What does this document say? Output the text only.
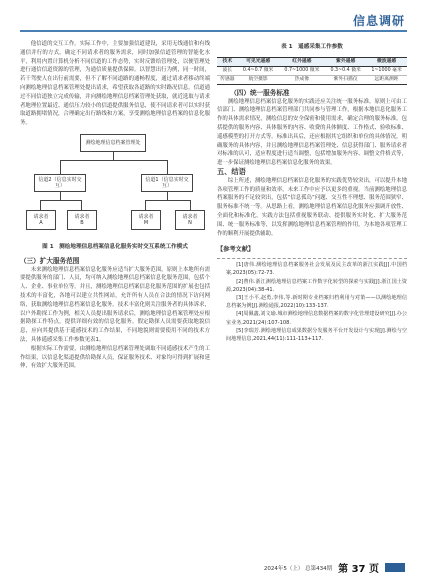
信息调研

他信道的交互工作。实际工作中，主要加强信道建设，采用无线通信和有线通信并行的方式，确定不同请求者的服务需求，同时加强信道管理的智能化水平，利用内置计算机分析不同信道的工作态势，实时反馈给管理处，以便管理处进行通信信道资源的管理，为通信质量提供保障。以智慧出行为例，同一时间，若干驾驶人在出行前需要，但不了解不同道路的通畅程度，通过请求者移动终端向测绘地理信息档案管理处提出请求，希望获取各道路的实时路况信息。信道通过不同信道独立完成传输，并向测绘地理信息档案管理处获取，就近选取与请求者地理位置最近、通信压力较小的信道提供服务信息，使不同请求者可以实时获取道路拥堵情况，合理确定出行路线和方案，享受测绘地理信息档案的信息化服务。

测绘地理信息档案管理处
信道2（信息实时交互）
信道1（信息实时交互）
请求者
A
请求者
B
请求者
M
请求者
N
图 1　测绘地理信息档案信息化服务实时交互系统工作模式

（三）扩大服务范围

未来测绘地理信息档案信息化服务应适当扩大服务范围，原则上本地所有需要提供服务的部门、人员，均可纳入测绘地理信息档案信息化服务范围，包括个人、企业、事业单位等。并且，测绘地理信息档案信息化服务范围的扩展也包括技术的丰富化，各地可以建立共性网站，允许所有人员在合法的情况下访问网络，获取测绘地理信息档案信息化服务。技术丰富化则关注服务者的具体诉求，以户外勘探工作为例，相关人员提出服务请求后，测绘地理信息档案管理处应根据勘探工作特点，提供详细有效的信息化服务。假定勘探人员需要获取地貌信息，应向其提供基于遥感技术的工作结果，不同地貌则需要使用不同的技术方法，具体遥感采集工作参数见表1。

根据实际工作需要，由测绘地理信息档案管理处调取不同遥感技术产生的工作结果，以信息化渠道提供给勘探人员，保证服务技术、对象均可得到扩展和延伸，有效扩大服务范围。

表 1　遥感采集工作参数
技术	可见光遥感	红外遥感	紫外遥感	微波遥感
波长	0.4~0.7 微米	0.7~1000 微米	0.3~0.4 微米	1~1000 毫米
传感器	航空摄影	热成像	紫外扫描仪	远距离测距

（四）统一服务标准

测绘地理信息档案信息化服务的实践还应关注统一服务标准。原则上可由工信部门、测绘地理信息档案管理部门共同参与管理工作，根据本地信息化服务工作的具体需求情况，测绘信息的安全保密和使用需求，确定合理的服务标准。包括提供的服务内容、具体服务的内容、收费的具体额度、工作格式、验收标准、遥感模型的打开方式等。标准出具后，还应根据其它组织和单位的具体情况，明确服务的具体内容，并且测绘地理信息档案管理处、信息获得部门、服务请求者对标准的认可，适应程度进行适当调整，包括增加服务内容、调整文件格式等，进一步保证测绘地理信息档案信息化服务的效果。

五、结语

综上所述，测绘地理信息档案信息化服务的实践优势较突出，可以提升本地各项管理工作的质量和效率，未来工作中应予以更多的重视。当前测绘地理信息档案服务的不足较突出，包括“信息孤岛”问题、交互性不理想、服务范围狭窄、服务标准不统一等。从思路上看，测绘地理信息档案信息化服务应强调开放性、全面化和标准化，实践方法包括重视服务联动、提供服务实时化、扩大服务范围、统一服务标准等，以发挥测绘地理信息档案管理的作用，为本地各项管理工作的顺利开展提供辅助。

【参考文献】

[1]唐伟.测绘地理信息档案服务社会发展及民主改革的浙江实践[J].中国档案,2023(05):72-73.

[2]曹伟.浙江测绘地理信息档案工作数字化转型的探索与实践[J].浙江国土资源,2023(04):38-41.

[3]王小平,赵勇,李伟,等.新时期专业档案归档利用与对策——以测绘地理信息档案为例[J].测绘通报,2022(10):133-137.

[4]周佩鑫,刘文瑜.城市测绘地理信息数据档案的数字化管理建设研究[J].办公室业务,2021(24):107-108.

[5]李瑞芳.测绘地理信息成果数据分发服务平台开发设计与实现[J].测绘与空间地理信息,2021,44(11):111-113+117.

2024年5（上） 总第434期 第 37 页
